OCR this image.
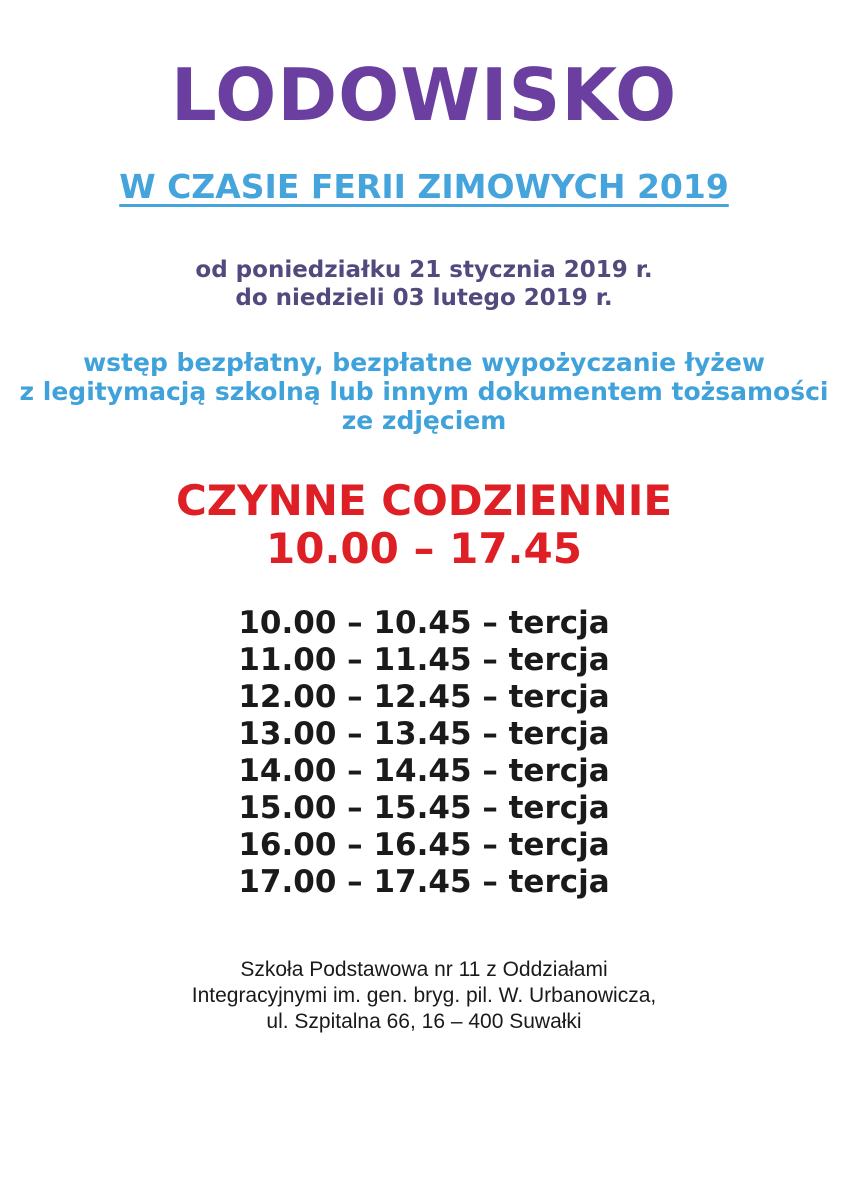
LODOWISKO
W CZASIE FERII ZIMOWYCH 2019
od poniedziałku 21 stycznia 2019 r.
do niedzieli 03 lutego 2019 r.
wstęp bezpłatny, bezpłatne wypożyczanie łyżew
z legitymacją szkolną lub innym dokumentem tożsamości
ze zdjęciem
CZYNNE CODZIENNIE
10.00 – 17.45
10.00 – 10.45 – tercja
11.00 – 11.45 – tercja
12.00 – 12.45 – tercja
13.00 – 13.45 – tercja
14.00 – 14.45 – tercja
15.00 – 15.45 – tercja
16.00 – 16.45 – tercja
17.00 – 17.45 – tercja
Szkoła Podstawowa nr 11 z Oddziałami
Integracyjnymi im. gen. bryg. pil. W. Urbanowicza,
ul. Szpitalna 66, 16 – 400 Suwałki
